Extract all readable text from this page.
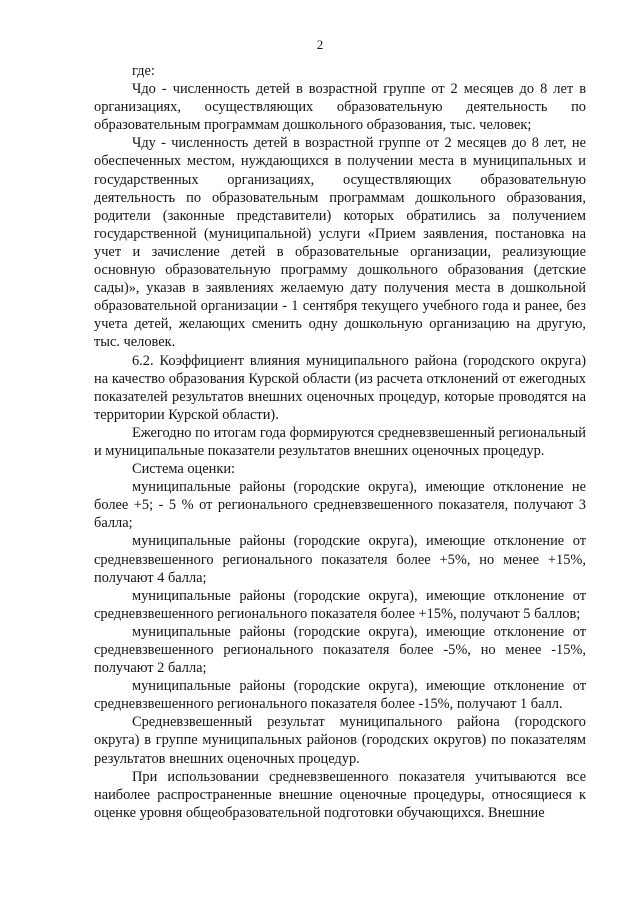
2

где:

Чдо - численность детей в возрастной группе от 2 месяцев до 8 лет в организациях, осуществляющих образовательную деятельность по образовательным программам дошкольного образования, тыс. человек;

Чду - численность детей в возрастной группе от 2 месяцев до 8 лет, не обеспеченных местом, нуждающихся в получении места в муниципальных и государственных организациях, осуществляющих образовательную деятельность по образовательным программам дошкольного образования, родители (законные представители) которых обратились за получением государственной (муниципальной) услуги «Прием заявления, постановка на учет и зачисление детей в образовательные организации, реализующие основную образовательную программу дошкольного образования (детские сады)», указав в заявлениях желаемую дату получения места в дошкольной образовательной организации - 1 сентября текущего учебного года и ранее, без учета детей, желающих сменить одну дошкольную организацию на другую, тыс. человек.

6.2. Коэффициент влияния муниципального района (городского округа) на качество образования Курской области (из расчета отклонений от ежегодных показателей результатов внешних оценочных процедур, которые проводятся на территории Курской области).

Ежегодно по итогам года формируются средневзвешенный региональный и муниципальные показатели результатов внешних оценочных процедур.

Система оценки:

муниципальные районы (городские округа), имеющие отклонение не более +5; - 5 % от регионального средневзвешенного показателя, получают 3 балла;

муниципальные районы (городские округа), имеющие отклонение от средневзвешенного регионального показателя более +5%, но менее +15%, получают 4 балла;

муниципальные районы (городские округа), имеющие отклонение от средневзвешенного регионального показателя более +15%, получают 5 баллов;

муниципальные районы (городские округа), имеющие отклонение от средневзвешенного регионального показателя более -5%, но менее -15%, получают 2 балла;

муниципальные районы (городские округа), имеющие отклонение от средневзвешенного регионального показателя более -15%, получают 1 балл.

Средневзвешенный результат муниципального района (городского округа) в группе муниципальных районов (городских округов) по показателям результатов внешних оценочных процедур.

При использовании средневзвешенного показателя учитываются все наиболее распространенные внешние оценочные процедуры, относящиеся к оценке уровня общеобразовательной подготовки обучающихся. Внешние
